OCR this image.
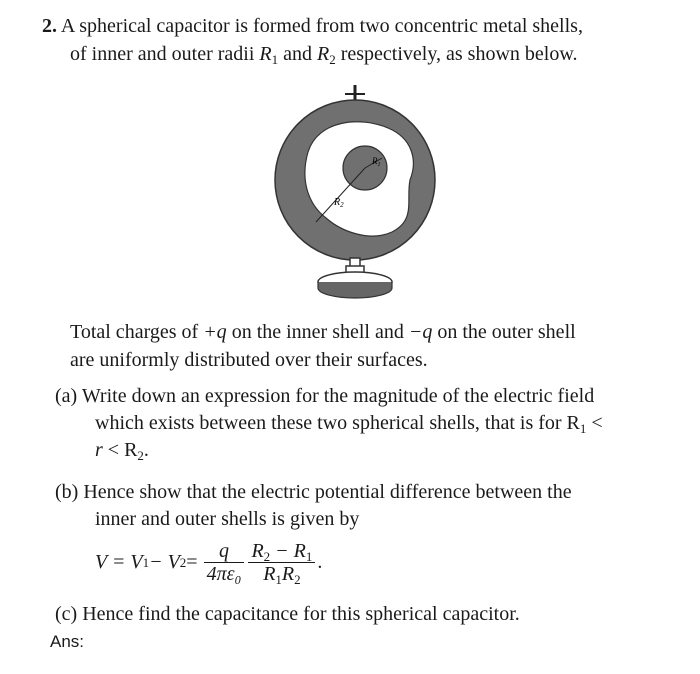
2. A spherical capacitor is formed from two concentric metal shells,
of inner and outer radii $R_1$ and $R_2$ respectively, as shown below.
$R_1$
$R_2$
Total charges of +q on the inner shell and −q on the outer shell
are uniformly distributed over their surfaces.
(a) Write down an expression for the magnitude of the electric field
which exists between these two spherical shells, that is for $R_1$ <
$r < R_2$.
(b) Hence show that the electric potential difference between the
inner and outer shells is given by
V = V 1 − V $2 = \frac{q}{\text{4πε₀}} \frac{R_2 - R_1}{R_1R_2}$ .
(c) Hence find the capacitance for this spherical capacitor.
Ans:
